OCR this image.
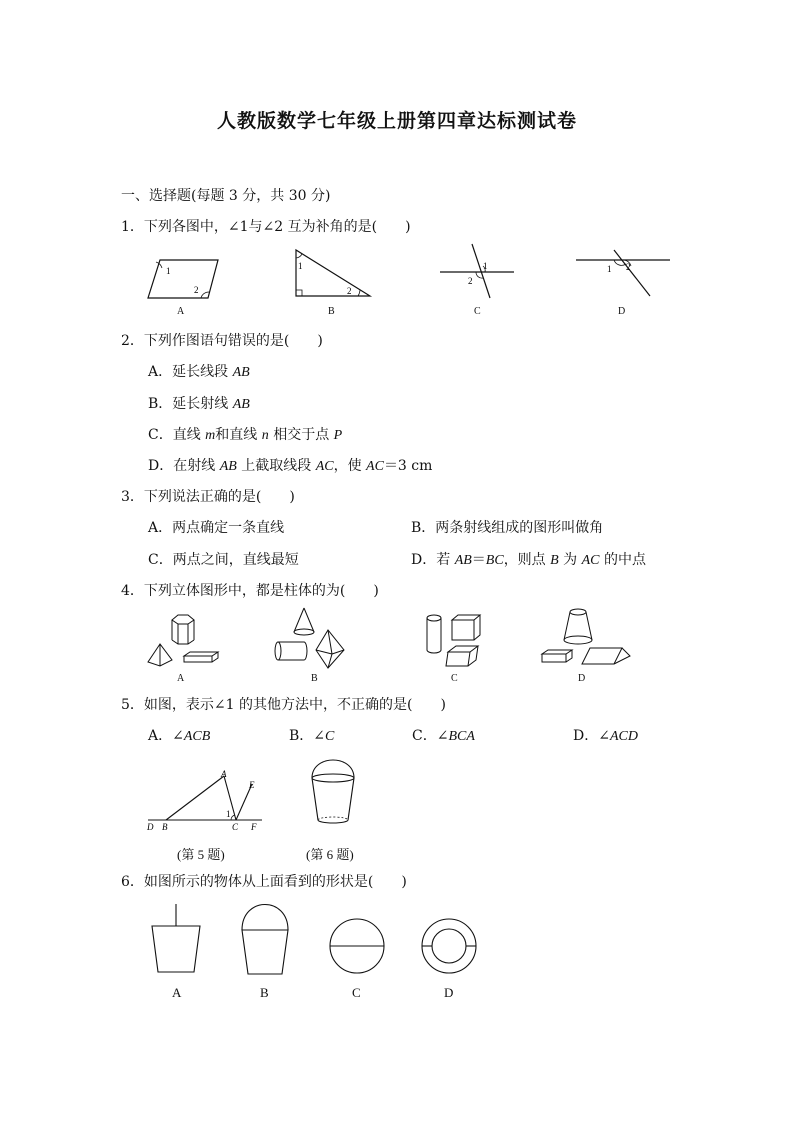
人教版数学七年级上册第四章达标测试卷
一、选择题(每题 3 分，共 30 分)
1．下列各图中，∠1与∠2 互为补角的是(　　)
1
2
A
1
2
B
1
2
C
1 2
D
2．下列作图语句错误的是(　　)
A．延长线段 AB
B．延长射线 AB
C．直线 m和直线 n 相交于点 P
D．在射线 AB 上截取线段 AC，使 AC＝3 cm
3．下列说法正确的是(　　)
A．两点确定一条直线	B．两条射线组成的图形叫做角
C．两点之间，直线最短	D．若 AB＝BC，则点 B 为 AC 的中点
4．下列立体图形中，都是柱体的为(　　)
A	B	C	D
5．如图，表示∠1 的其他方法中，不正确的是(　　)
A．∠ACB	B．∠C	C．∠BCA	D．∠ACD
A
E
D B	C F
1
(第 5 题)	(第 6 题)
6．如图所示的物体从上面看到的形状是(　　)
A	B	C	D
